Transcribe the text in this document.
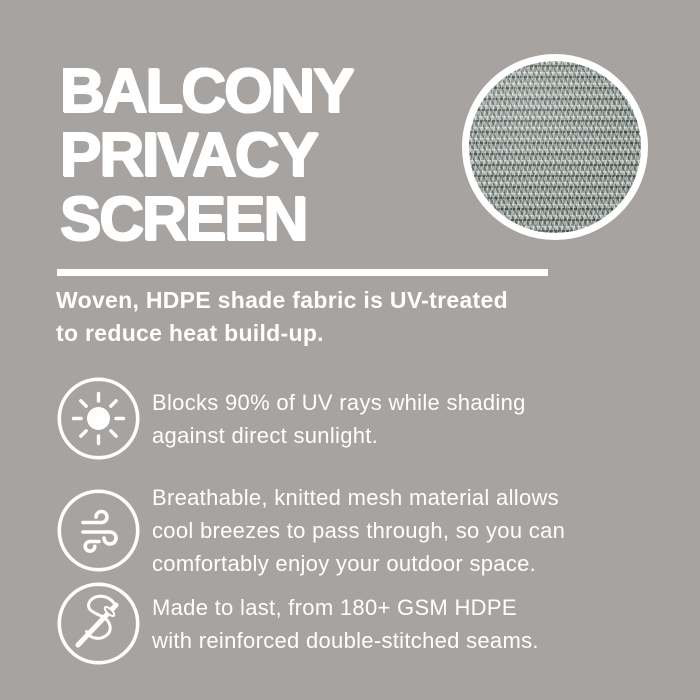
BALCONY
PRIVACY
SCREEN
Woven, HDPE shade fabric is UV-treated
to reduce heat build-up.
Blocks 90% of UV rays while shading
against direct sunlight.
Breathable, knitted mesh material allows
cool breezes to pass through, so you can
comfortably enjoy your outdoor space.
Made to last, from 180+ GSM HDPE
with reinforced double-stitched seams.
